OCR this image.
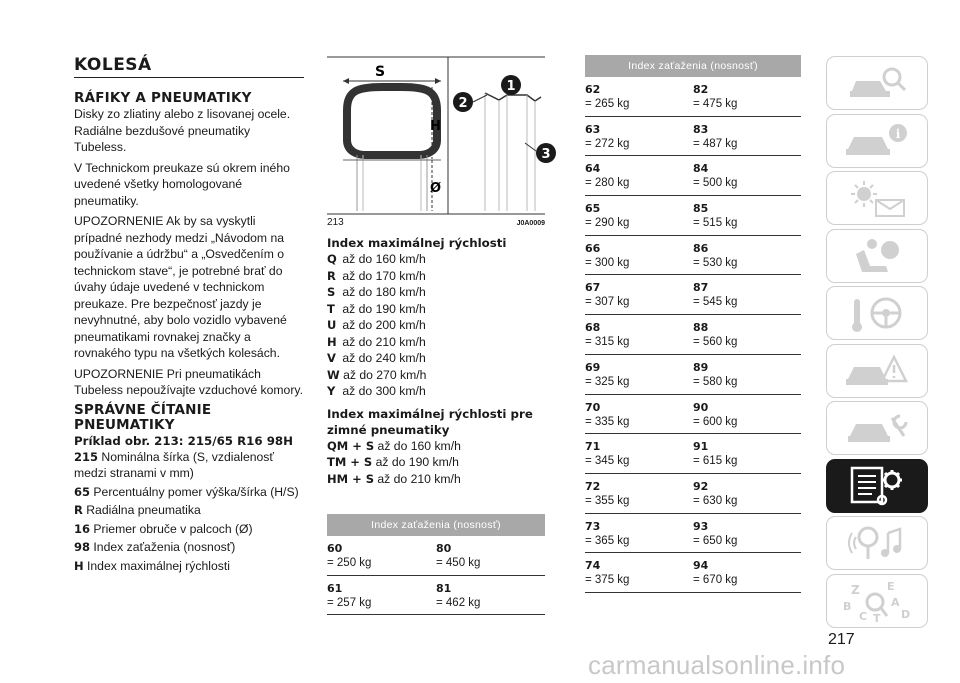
KOLESÁ
RÁFIKY A PNEUMATIKY
Disky zo zliatiny alebo z lisovanej ocele. Radiálne bezdušové pneumatiky Tubeless.
V Technickom preukaze sú okrem iného uvedené všetky homologované pneumatiky.
UPOZORNENIE Ak by sa vyskytli prípadné nezhody medzi „Návodom na používanie a údržbu“ a „Osvedčením o technickom stave“, je potrebné brať do úvahy údaje uvedené v technickom preukaze. Pre bezpečnosť jazdy je nevyhnutné, aby bolo vozidlo vybavené pneumatikami rovnakej značky a rovnakého typu na všetkých kolesách.
UPOZORNENIE Pri pneumatikách Tubeless nepoužívajte vzduchové komory.
SPRÁVNE ČÍTANIE PNEUMATIKY
Príklad obr. 213: 215/65 R16 98H
215 Nominálna šírka (S, vzdialenosť medzi stranami v mm)
65 Percentuálny pomer výška/šírka (H/S)
R Radiálna pneumatika
16 Priemer obruče v palcoch (Ø)
98 Index zaťaženia (nosnosť)
H Index maximálnej rýchlosti
S
H
Ø
1
2
3
213	J0A0009
Index maximálnej rýchlosti
Q až do 160 km/h
R až do 170 km/h
S až do 180 km/h
T až do 190 km/h
U až do 200 km/h
H až do 210 km/h
V až do 240 km/h
W až do 270 km/h
Y až do 300 km/h
Index maximálnej rýchlosti pre zimné pneumatiky
QM + S až do 160 km/h
TM + S až do 190 km/h
HM + S až do 210 km/h
Index zaťaženia (nosnosť)
60
= 250 kg
80
= 450 kg
61
= 257 kg
81
= 462 kg
Index zaťaženia (nosnosť)
62
= 265 kg
82
= 475 kg
63
= 272 kg
83
= 487 kg
64
= 280 kg
84
= 500 kg
65
= 290 kg
85
= 515 kg
66
= 300 kg
86
= 530 kg
67
= 307 kg
87
= 545 kg
68
= 315 kg
88
= 560 kg
69
= 325 kg
89
= 580 kg
70
= 335 kg
90
= 600 kg
71
= 345 kg
91
= 615 kg
72
= 355 kg
92
= 630 kg
73
= 365 kg
93
= 650 kg
74
= 375 kg
94
= 670 kg
i
Z E
B
C
A
T D
217
carmanualsonline.info
